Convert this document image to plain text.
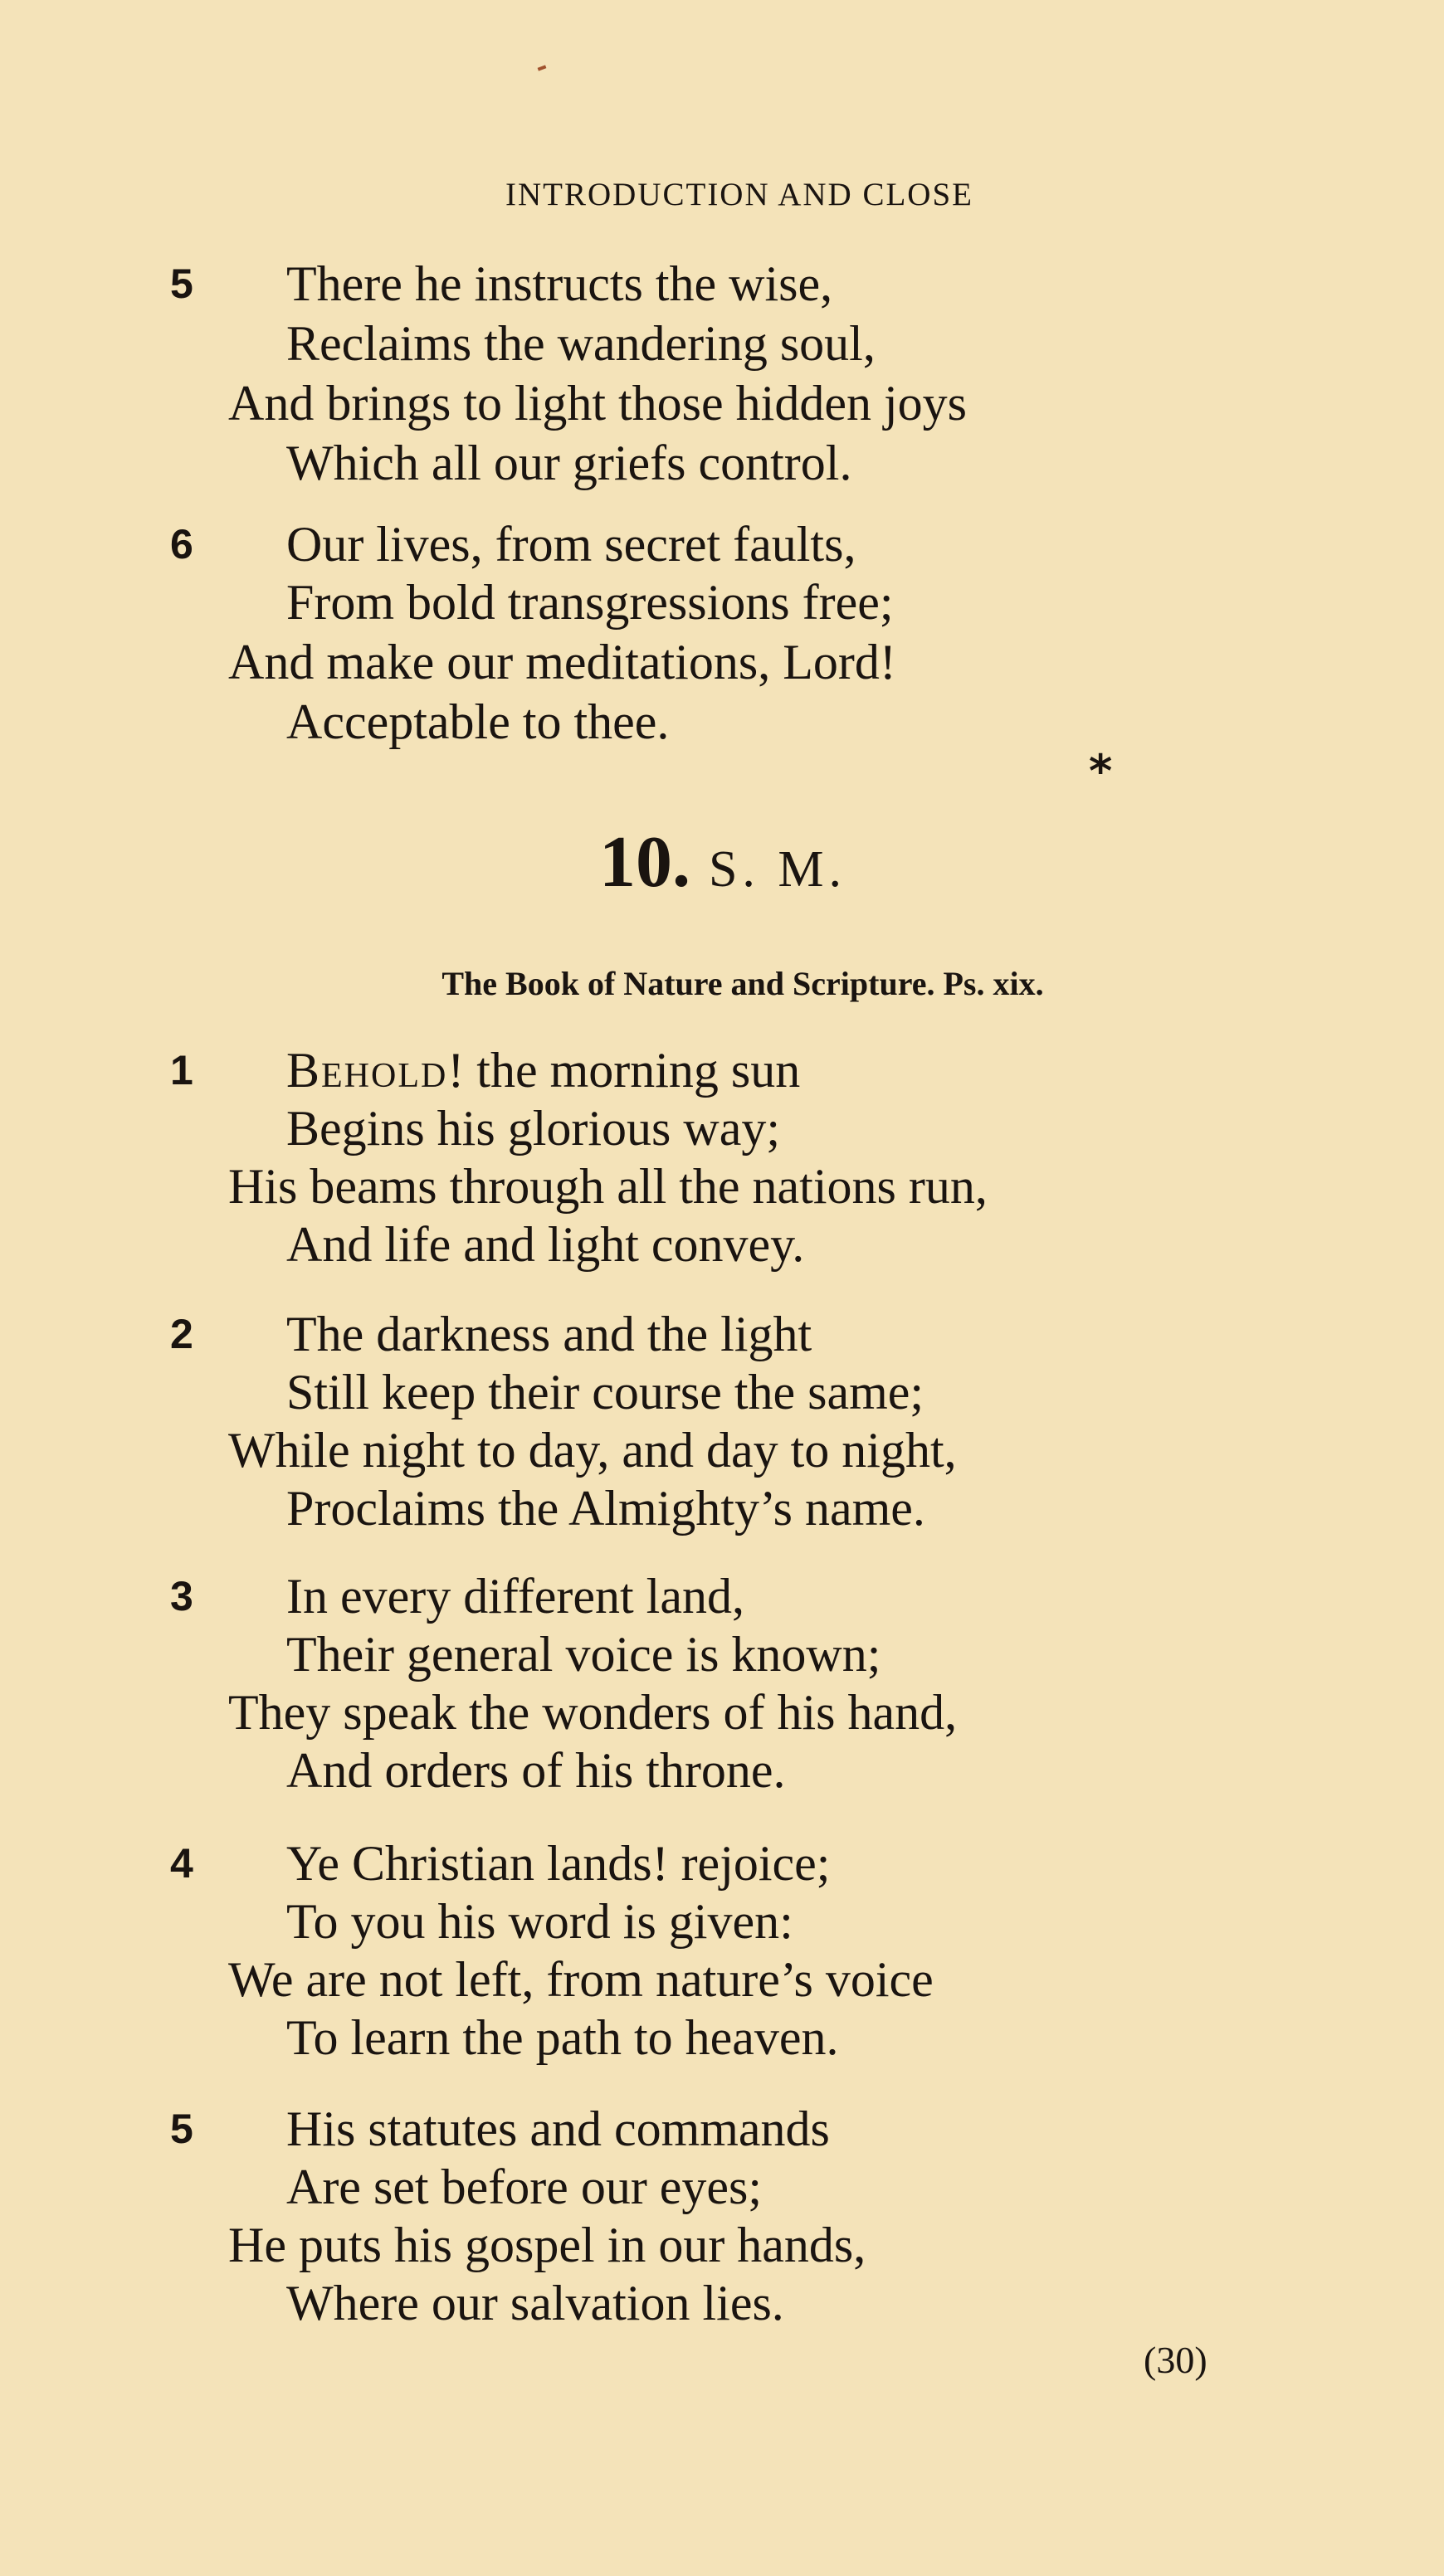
INTRODUCTION AND CLOSE
5 There he instructs the wise,
Reclaims the wandering soul,
And brings to light those hidden joys
Which all our griefs control.
6 Our lives, from secret faults,
From bold transgressions free;
And make our meditations, Lord!
Acceptable to thee.
*
10. S. M.
The Book of Nature and Scripture. Ps. xix.
1 Behold! the morning sun
Begins his glorious way;
His beams through all the nations run,
And life and light convey.
2 The darkness and the light
Still keep their course the same;
While night to day, and day to night,
Proclaims the Almighty’s name.
3 In every different land,
Their general voice is known;
They speak the wonders of his hand,
And orders of his throne.
4 Ye Christian lands! rejoice;
To you his word is given:
We are not left, from nature’s voice
To learn the path to heaven.
5 His statutes and commands
Are set before our eyes;
He puts his gospel in our hands,
Where our salvation lies.
(30)
